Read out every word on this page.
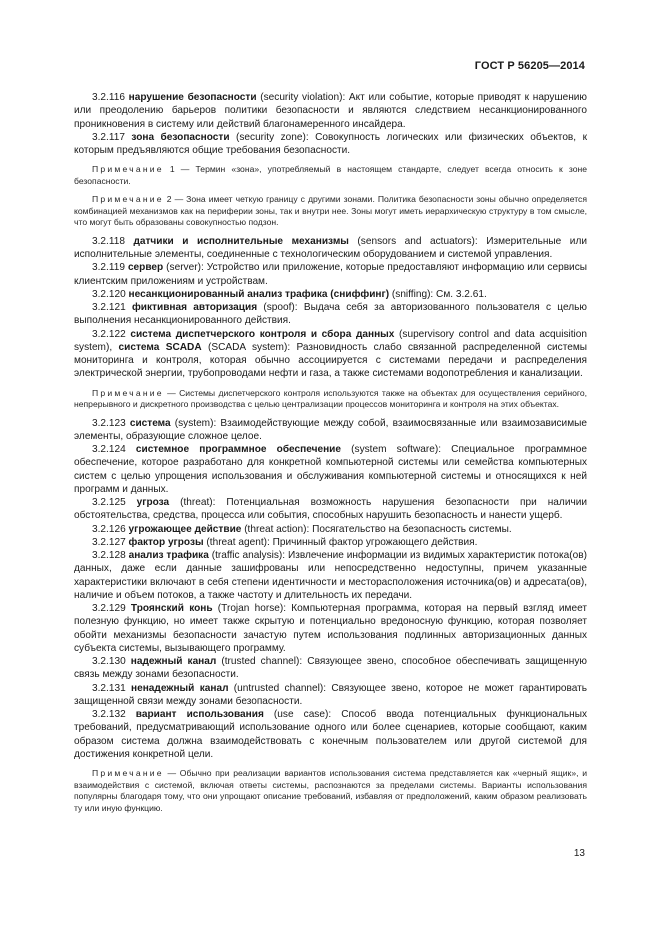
ГОСТ Р 56205—2014

3.2.116 нарушение безопасности (security violation): Акт или событие, которые приводят к нарушению или преодолению барьеров политики безопасности и являются следствием несанкционированного проникновения в систему или действий благонамеренного инсайдера.

3.2.117 зона безопасности (security zone): Совокупность логических или физических объектов, к которым предъявляются общие требования безопасности.

Примечание 1 — Термин «зона», употребляемый в настоящем стандарте, следует всегда относить к зоне безопасности.

Примечание 2 — Зона имеет четкую границу с другими зонами. Политика безопасности зоны обычно определяется комбинацией механизмов как на периферии зоны, так и внутри нее. Зоны могут иметь иерархическую структуру в том смысле, что могут быть образованы совокупностью подзон.

3.2.118 датчики и исполнительные механизмы (sensors and actuators): Измерительные или исполнительные элементы, соединенные с технологическим оборудованием и системой управления.

3.2.119 сервер (server): Устройство или приложение, которые предоставляют информацию или сервисы клиентским приложениям и устройствам.

3.2.120 несанкционированный анализ трафика (сниффинг) (sniffing): См. 3.2.61.

3.2.121 фиктивная авторизация (spoof): Выдача себя за авторизованного пользователя с целью выполнения несанкционированного действия.

3.2.122 система диспетчерского контроля и сбора данных (supervisory control and data acquisition system), система SCADA (SCADA system): Разновидность слабо связанной распределенной системы мониторинга и контроля, которая обычно ассоциируется с системами передачи и распределения электрической энергии, трубопроводами нефти и газа, а также системами водопотребления и канализации.

Примечание — Системы диспетчерского контроля используются также на объектах для осуществления серийного, непрерывного и дискретного производства с целью централизации процессов мониторинга и контроля на этих объектах.

3.2.123 система (system): Взаимодействующие между собой, взаимосвязанные или взаимозависимые элементы, образующие сложное целое.

3.2.124 системное программное обеспечение (system software): Специальное программное обеспечение, которое разработано для конкретной компьютерной системы или семейства компьютерных систем с целью упрощения использования и обслуживания компьютерной системы и относящихся к ней программ и данных.

3.2.125 угроза (threat): Потенциальная возможность нарушения безопасности при наличии обстоятельства, средства, процесса или события, способных нарушить безопасность и нанести ущерб.

3.2.126 угрожающее действие (threat action): Посягательство на безопасность системы.

3.2.127 фактор угрозы (threat agent): Причинный фактор угрожающего действия.

3.2.128 анализ трафика (traffic analysis): Извлечение информации из видимых характеристик потока(ов) данных, даже если данные зашифрованы или непосредственно недоступны, причем указанные характеристики включают в себя степени идентичности и месторасположения источника(ов) и адресата(ов), наличие и объем потоков, а также частоту и длительность их передачи.

3.2.129 Троянский конь (Trojan horse): Компьютерная программа, которая на первый взгляд имеет полезную функцию, но имеет также скрытую и потенциально вредоносную функцию, которая позволяет обойти механизмы безопасности зачастую путем использования подлинных авторизационных данных субъекта системы, вызывающего программу.

3.2.130 надежный канал (trusted channel): Связующее звено, способное обеспечивать защищенную связь между зонами безопасности.

3.2.131 ненадежный канал (untrusted channel): Связующее звено, которое не может гарантировать защищенной связи между зонами безопасности.

3.2.132 вариант использования (use case): Способ ввода потенциальных функциональных требований, предусматривающий использование одного или более сценариев, которые сообщают, каким образом система должна взаимодействовать с конечным пользователем или другой системой для достижения конкретной цели.

Примечание — Обычно при реализации вариантов использования система представляется как «черный ящик», и взаимодействия с системой, включая ответы системы, распознаются за пределами системы. Варианты использования популярны благодаря тому, что они упрощают описание требований, избавляя от предположений, каким образом реализовать ту или иную функцию.

13
